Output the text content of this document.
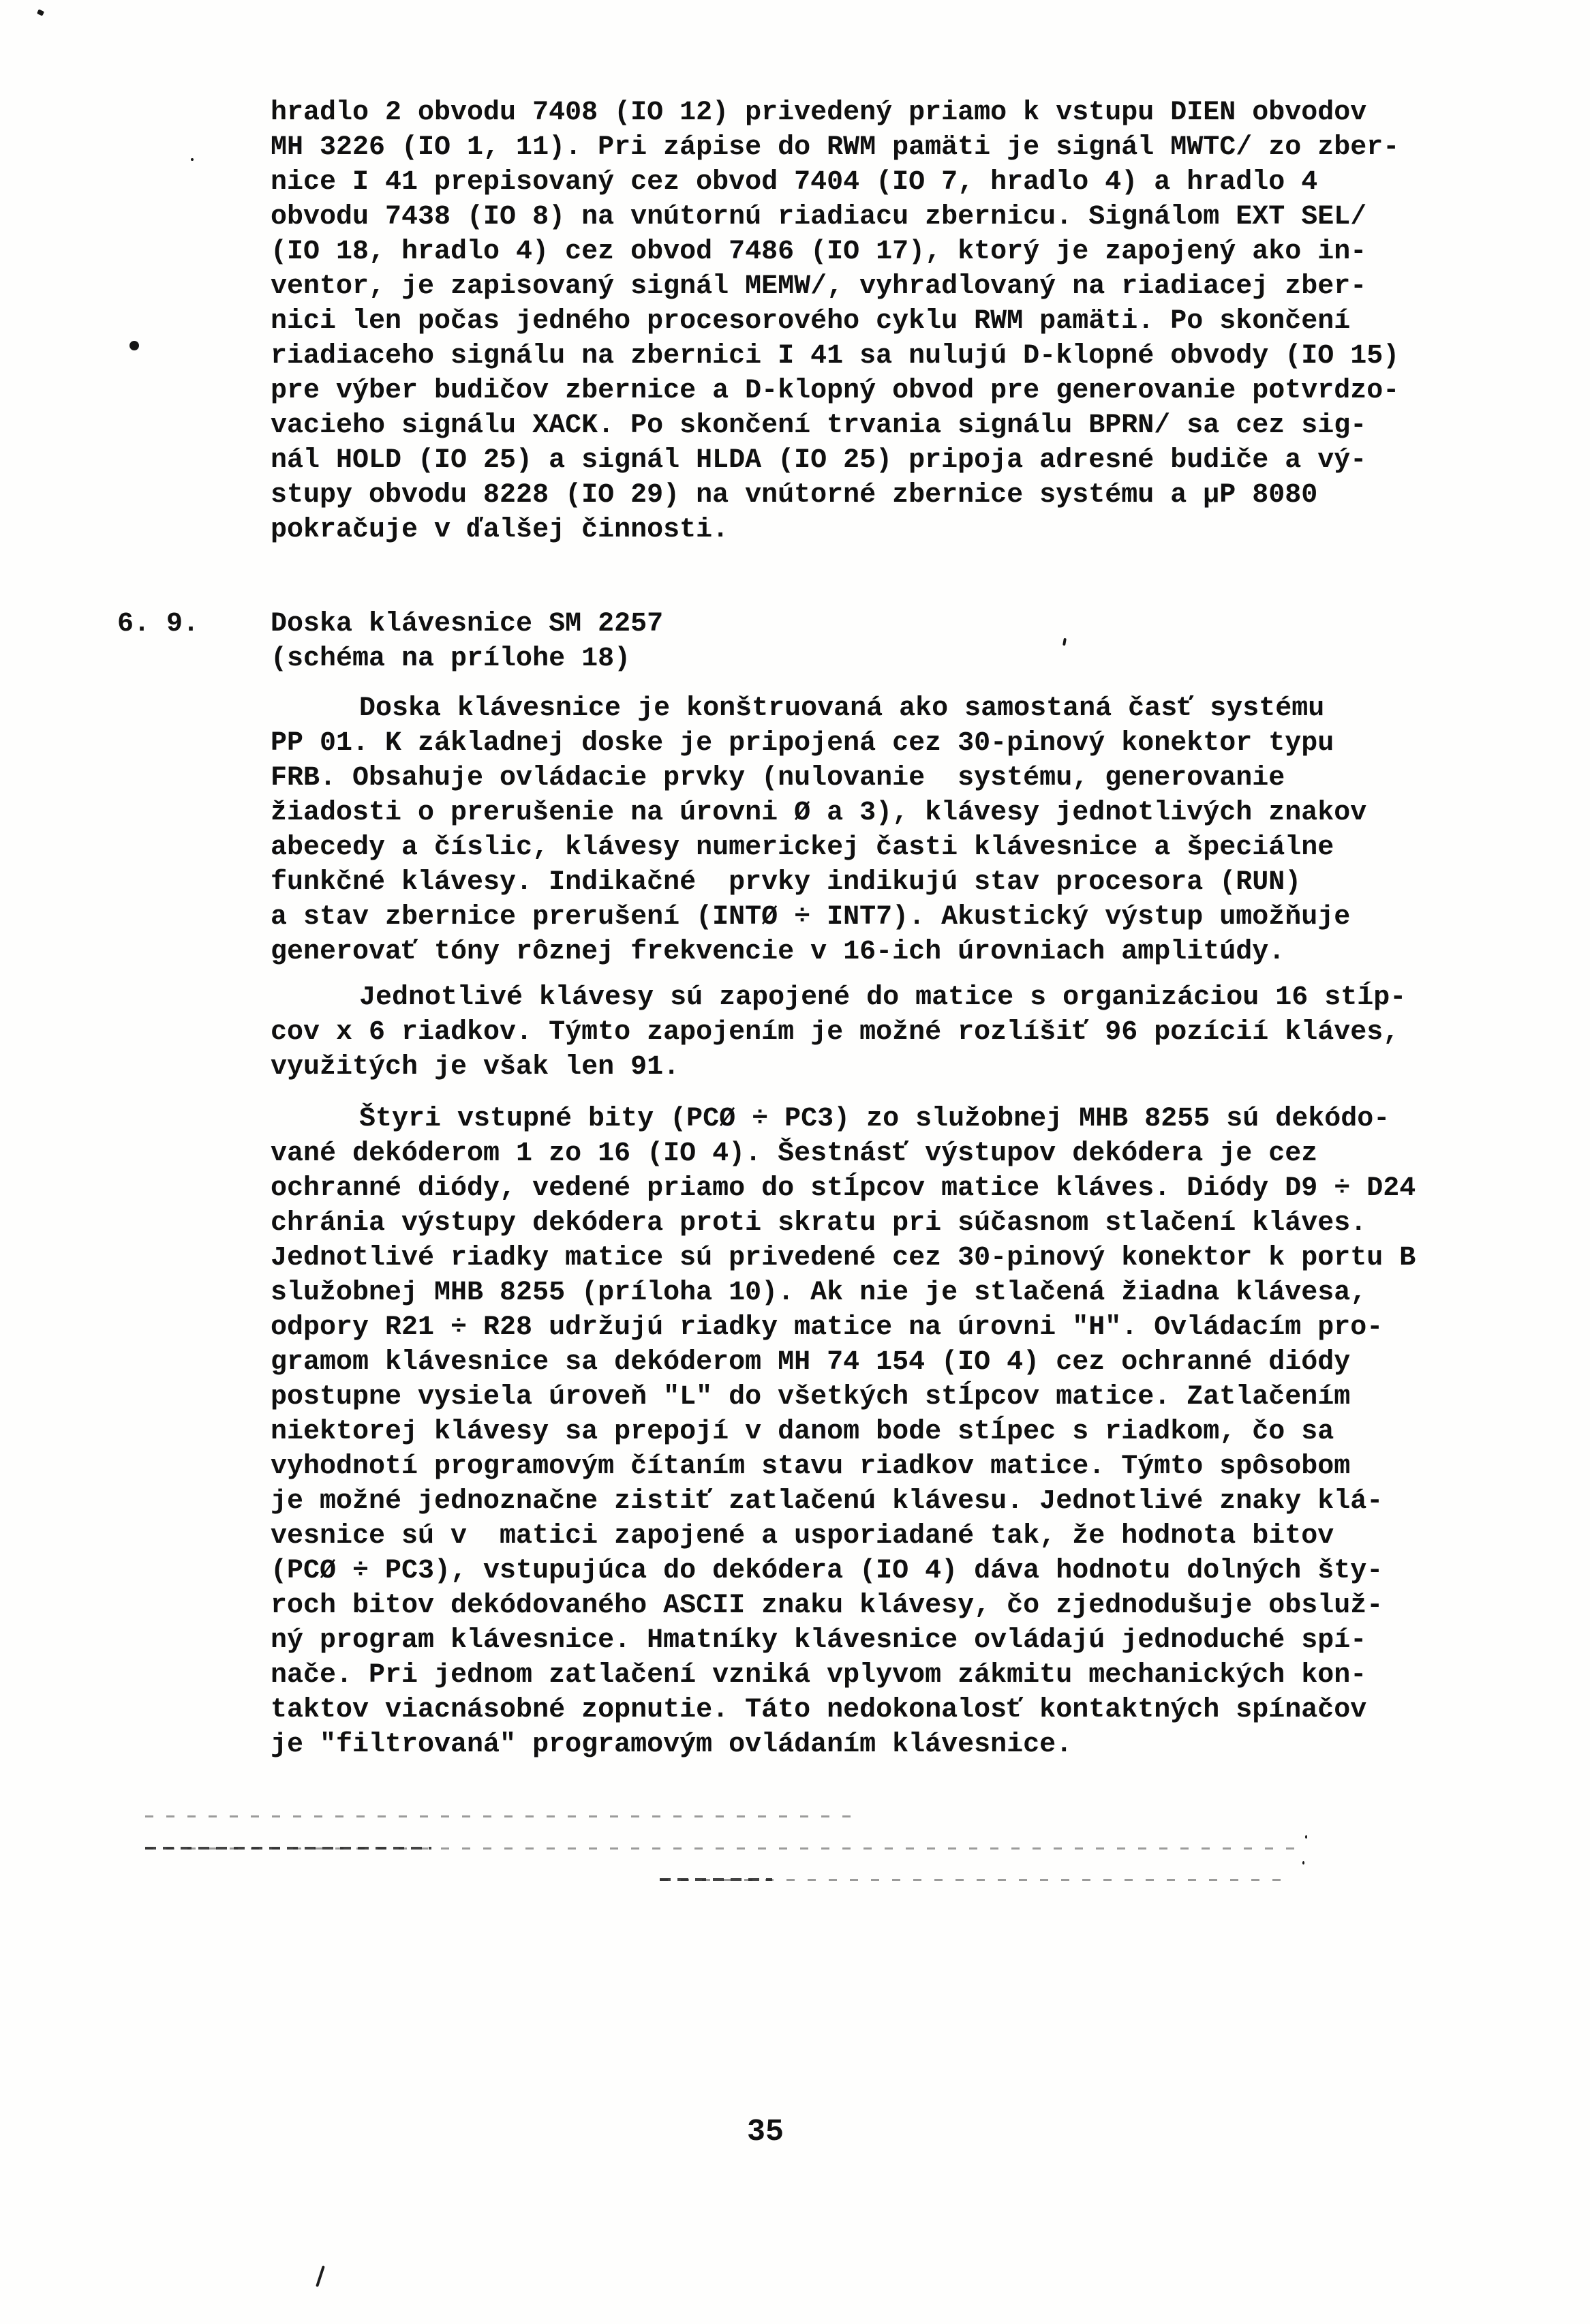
hradlo 2 obvodu 7408 (IO 12) privedený priamo k vstupu DIEN obvodov
MH 3226 (IO 1, 11). Pri zápise do RWM pamäti je signál MWTC/ zo zber-
nice I 41 prepisovaný cez obvod 7404 (IO 7, hradlo 4) a hradlo 4
obvodu 7438 (IO 8) na vnútornú riadiacu zbernicu. Signálom EXT SEL/
(IO 18, hradlo 4) cez obvod 7486 (IO 17), ktorý je zapojený ako in-
ventor, je zapisovaný signál MEMW/, vyhradlovaný na riadiacej zber-
nici len počas jedného procesorového cyklu RWM pamäti. Po skončení
riadiaceho signálu na zbernici I 41 sa nulujú D-klopné obvody (IO 15)
pre výber budičov zbernice a D-klopný obvod pre generovanie potvrdzo-
vacieho signálu XACK. Po skončení trvania signálu BPRN/ sa cez sig-
nál HOLD (IO 25) a signál HLDA (IO 25) pripoja adresné budiče a vý-
stupy obvodu 8228 (IO 29) na vnútorné zbernice systému a µP 8080
pokračuje v ďalšej činnosti.
6. 9.	Doska klávesnice SM 2257
(schéma na prílohe 18)
Doska klávesnice je konštruovaná ako samostaná časť systému
PP 01. K základnej doske je pripojená cez 30-pinový konektor typu
FRB. Obsahuje ovládacie prvky (nulovanie  systému, generovanie
žiadosti o prerušenie na úrovni Ø a 3), klávesy jednotlivých znakov
abecedy a číslic, klávesy numerickej časti klávesnice a špeciálne
funkčné klávesy. Indikačné  prvky indikujú stav procesora (RUN)
a stav zbernice prerušení (INTØ ÷ INT7). Akustický výstup umožňuje
generovať tóny rôznej frekvencie v 16-ich úrovniach amplitúdy.
Jednotlivé klávesy sú zapojené do matice s organizáciou 16 stĺp-
cov x 6 riadkov. Týmto zapojením je možné rozlíšiť 96 pozícií kláves,
využitých je však len 91.
Štyri vstupné bity (PCØ ÷ PC3) zo služobnej MHB 8255 sú dekódo-
vané dekóderom 1 zo 16 (IO 4). Šestnásť výstupov dekódera je cez
ochranné diódy, vedené priamo do stĺpcov matice kláves. Diódy D9 ÷ D24
chránia výstupy dekódera proti skratu pri súčasnom stlačení kláves.
Jednotlivé riadky matice sú privedené cez 30-pinový konektor k portu B
služobnej MHB 8255 (príloha 10). Ak nie je stlačená žiadna klávesa,
odpory R21 ÷ R28 udržujú riadky matice na úrovni "H". Ovládacím pro-
gramom klávesnice sa dekóderom MH 74 154 (IO 4) cez ochranné diódy
postupne vysiela úroveň "L" do všetkých stĺpcov matice. Zatlačením
niektorej klávesy sa prepojí v danom bode stĺpec s riadkom, čo sa
vyhodnotí programovým čítaním stavu riadkov matice. Týmto spôsobom
je možné jednoznačne zistiť zatlačenú klávesu. Jednotlivé znaky klá-
vesnice sú v  matici zapojené a usporiadané tak, že hodnota bitov
(PCØ ÷ PC3), vstupujúca do dekódera (IO 4) dáva hodnotu dolných šty-
roch bitov dekódovaného ASCII znaku klávesy, čo zjednodušuje obsluž-
ný program klávesnice. Hmatníky klávesnice ovládajú jednoduché spí-
nače. Pri jednom zatlačení vzniká vplyvom zákmitu mechanických kon-
taktov viacnásobné zopnutie. Táto nedokonalosť kontaktných spínačov
je "filtrovaná" programovým ovládaním klávesnice.
35
